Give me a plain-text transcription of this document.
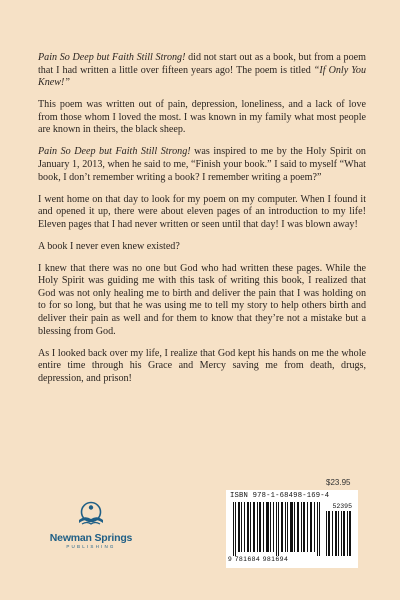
Pain So Deep but Faith Still Strong! did not start out as a book, but from a poem that I had written a little over fifteen years ago! The poem is titled “If Only You Knew!”

This poem was written out of pain, depression, loneliness, and a lack of love from those whom I loved the most. I was known in my family what most people are known in theirs, the black sheep.

Pain So Deep but Faith Still Strong! was inspired to me by the Holy Spirit on January 1, 2013, when he said to me, “Finish your book.” I said to myself “What book, I don’t remember writing a book? I remember writing a poem?”

I went home on that day to look for my poem on my computer. When I found it and opened it up, there were about eleven pages of an introduction to my life! Eleven pages that I had never written or seen until that day! I was blown away!

A book I never even knew existed?

I knew that there was no one but God who had written these pages. While the Holy Spirit was guiding me with this task of writing this book, I realized that God was not only healing me to birth and deliver the pain that I was holding on to for so long, but that he was using me to tell my story to help others birth and deliver their pain as well and for them to know that they’re not a mistake but a blessing from God.

As I looked back over my life, I realize that God kept his hands on me the whole entire time through his Grace and Mercy saving me from death, drugs, depression, and prison!

$23.95
Newman Springs
PUBLISHING
ISBN 978-1-68498-169-4
52395
9 781684 981694
